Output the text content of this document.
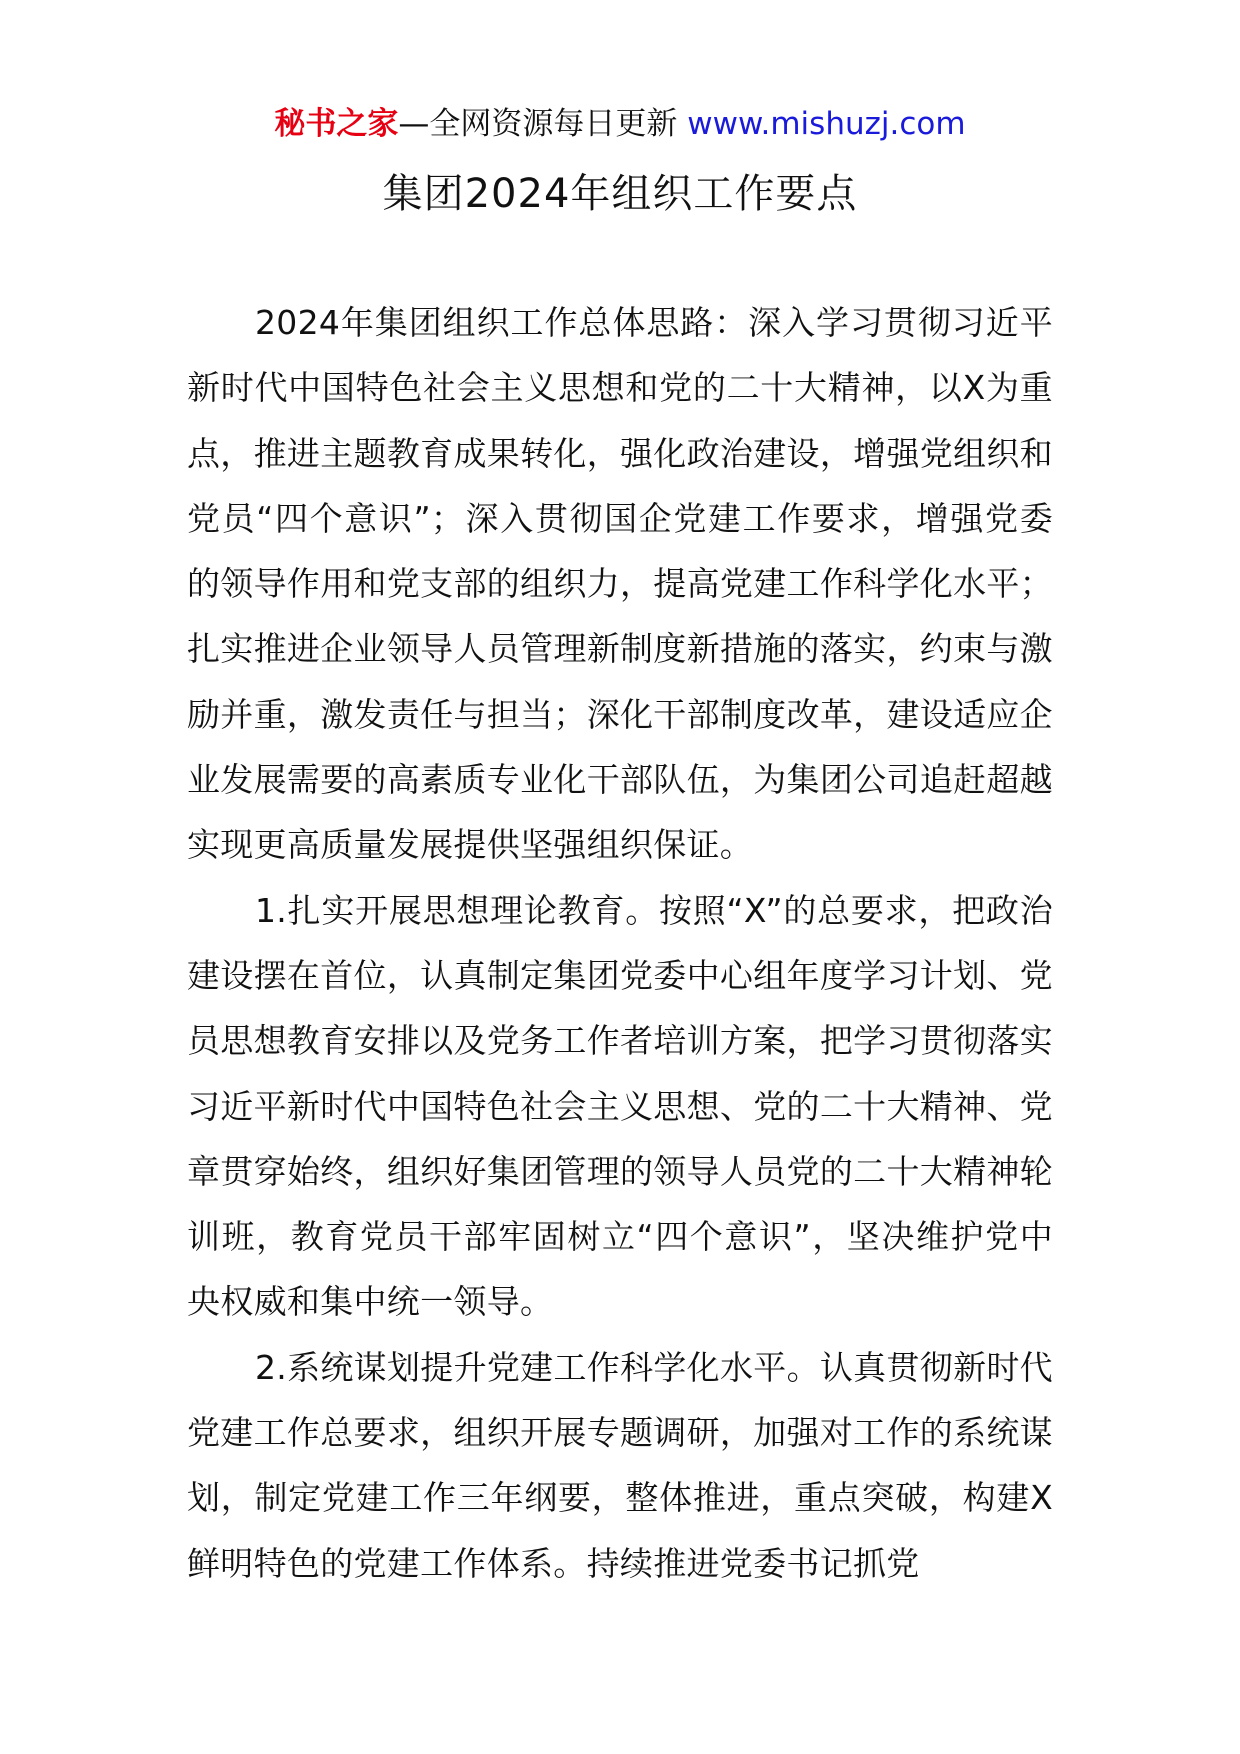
秘书之家—全网资源每日更新 www.mishuzj.com
集团2024年组织工作要点

2024年集团组织工作总体思路：深入学习贯彻习近平新时代中国特色社会主义思想和党的二十大精神，以X为重点，推进主题教育成果转化，强化政治建设，增强党组织和党员“四个意识”；深入贯彻国企党建工作要求，增强党委的领导作用和党支部的组织力，提高党建工作科学化水平；扎实推进企业领导人员管理新制度新措施的落实，约束与激励并重，激发责任与担当；深化干部制度改革，建设适应企业发展需要的高素质专业化干部队伍，为集团公司追赶超越实现更高质量发展提供坚强组织保证。

1.扎实开展思想理论教育。按照“X”的总要求，把政治建设摆在首位，认真制定集团党委中心组年度学习计划、党员思想教育安排以及党务工作者培训方案，把学习贯彻落实习近平新时代中国特色社会主义思想、党的二十大精神、党章贯穿始终，组织好集团管理的领导人员党的二十大精神轮训班，教育党员干部牢固树立“四个意识”，坚决维护党中央权威和集中统一领导。

2.系统谋划提升党建工作科学化水平。认真贯彻新时代党建工作总要求，组织开展专题调研，加强对工作的系统谋划，制定党建工作三年纲要，整体推进，重点突破，构建X鲜明特色的党建工作体系。持续推进党委书记抓党
